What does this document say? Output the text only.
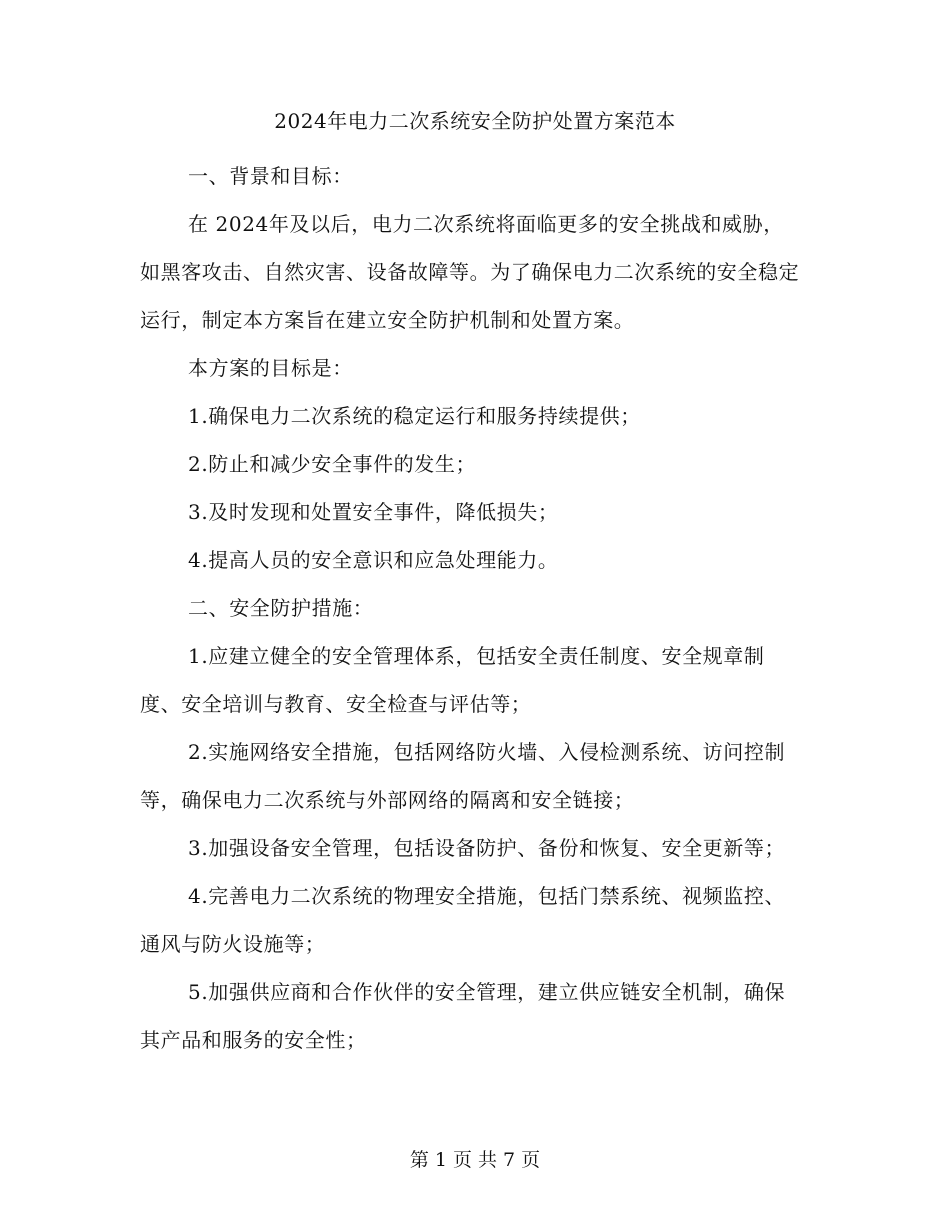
2024年电力二次系统安全防护处置方案范本

一、背景和目标：

在 2024年及以后，电力二次系统将面临更多的安全挑战和威胁，如黑客攻击、自然灾害、设备故障等。为了确保电力二次系统的安全稳定运行，制定本方案旨在建立安全防护机制和处置方案。

本方案的目标是：

1.确保电力二次系统的稳定运行和服务持续提供；

2.防止和减少安全事件的发生；

3.及时发现和处置安全事件，降低损失；

4.提高人员的安全意识和应急处理能力。

二、安全防护措施：

1.应建立健全的安全管理体系，包括安全责任制度、安全规章制度、安全培训与教育、安全检查与评估等；

2.实施网络安全措施，包括网络防火墙、入侵检测系统、访问控制等，确保电力二次系统与外部网络的隔离和安全链接；

3.加强设备安全管理，包括设备防护、备份和恢复、安全更新等；

4.完善电力二次系统的物理安全措施，包括门禁系统、视频监控、通风与防火设施等；

5.加强供应商和合作伙伴的安全管理，建立供应链安全机制，确保其产品和服务的安全性；

第 1 页 共 7 页
